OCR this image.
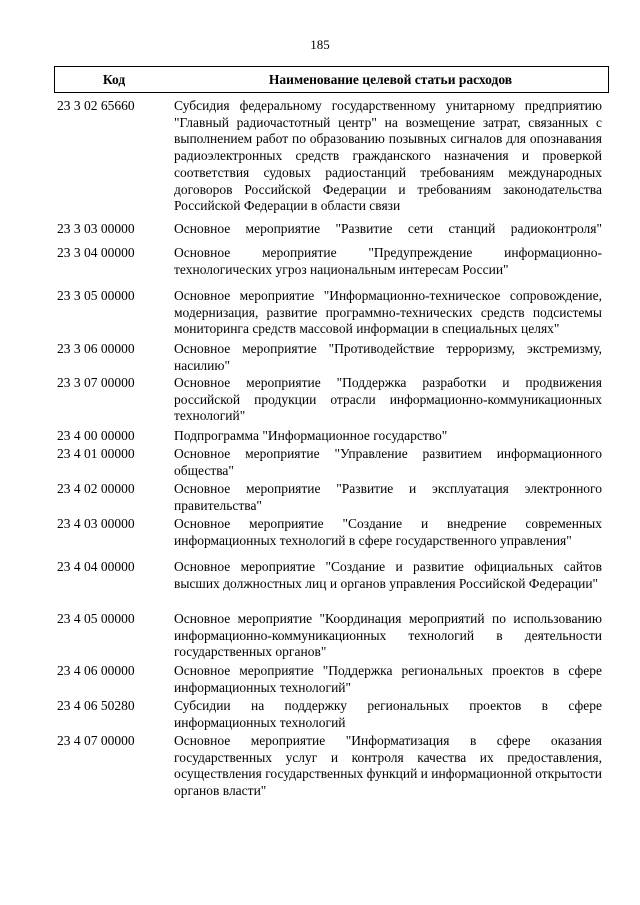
185
Код	Наименование целевой статьи расходов
23 3 02 65660	Субсидия федеральному государственному унитарному предприятию "Главный радиочастотный центр" на возмещение затрат, связанных с выполнением работ по образованию позывных сигналов для опознавания радиоэлектронных средств гражданского назначения и проверкой соответствия судовых радиостанций требованиям международных договоров Российской Федерации и требованиям законодательства Российской Федерации в области связи
23 3 03 00000	Основное мероприятие "Развитие сети станций радиоконтроля"
23 3 04 00000	Основное мероприятие "Предупреждение информационно-технологических угроз национальным интересам России"
23 3 05 00000	Основное мероприятие "Информационно-техническое сопровождение, модернизация, развитие программно-технических средств подсистемы мониторинга средств массовой информации в специальных целях"
23 3 06 00000	Основное мероприятие "Противодействие терроризму, экстремизму, насилию"
23 3 07 00000	Основное мероприятие "Поддержка разработки и продвижения российской продукции отрасли информационно-коммуникационных технологий"
23 4 00 00000	Подпрограмма "Информационное государство"
23 4 01 00000	Основное мероприятие "Управление развитием информационного общества"
23 4 02 00000	Основное мероприятие "Развитие и эксплуатация электронного правительства"
23 4 03 00000	Основное мероприятие "Создание и внедрение современных информационных технологий в сфере государственного управления"
23 4 04 00000	Основное мероприятие "Создание и развитие официальных сайтов высших должностных лиц и органов управления Российской Федерации"
23 4 05 00000	Основное мероприятие "Координация мероприятий по использованию информационно-коммуникационных технологий в деятельности государственных органов"
23 4 06 00000	Основное мероприятие "Поддержка региональных проектов в сфере информационных технологий"
23 4 06 50280	Субсидии на поддержку региональных проектов в сфере информационных технологий
23 4 07 00000	Основное мероприятие "Информатизация в сфере оказания государственных услуг и контроля качества их предоставления, осуществления государственных функций и информационной открытости органов власти"
